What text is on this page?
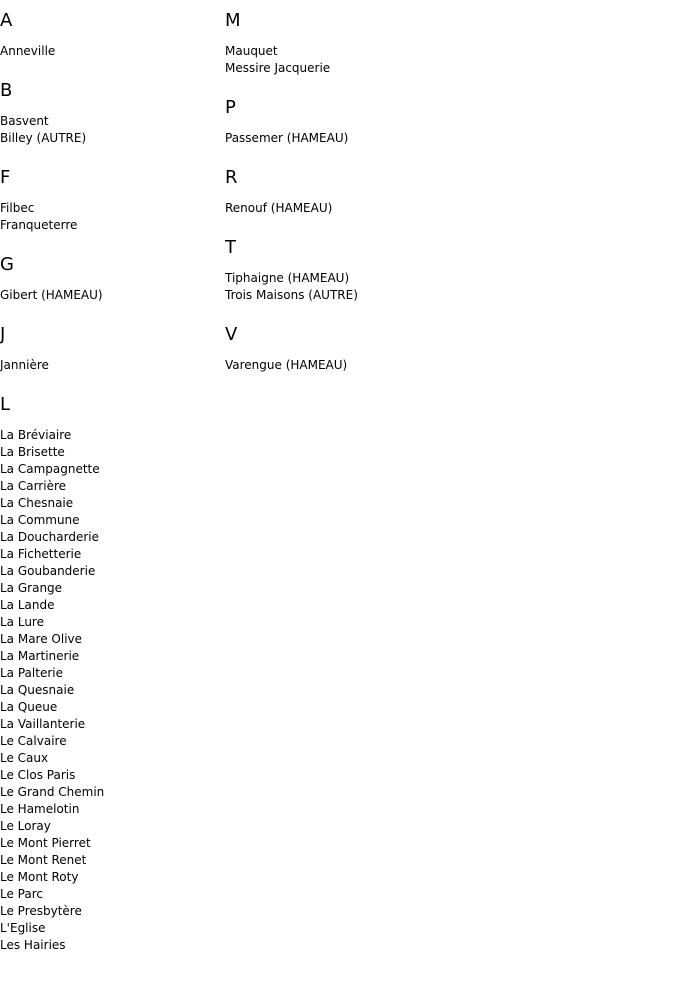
A
Anneville
B
Basvent
Billey (AUTRE)
F
Filbec
Franqueterre
G
Gibert (HAMEAU)
J
Jannière
L
La Bréviaire
La Brisette
La Campagnette
La Carrière
La Chesnaie
La Commune
La Doucharderie
La Fichetterie
La Goubanderie
La Grange
La Lande
La Lure
La Mare Olive
La Martinerie
La Palterie
La Quesnaie
La Queue
La Vaillanterie
Le Calvaire
Le Caux
Le Clos Paris
Le Grand Chemin
Le Hamelotin
Le Loray
Le Mont Pierret
Le Mont Renet
Le Mont Roty
Le Parc
Le Presbytère
L'Eglise
Les Hairies
M
Mauquet
Messire Jacquerie
P
Passemer (HAMEAU)
R
Renouf (HAMEAU)
T
Tiphaigne (HAMEAU)
Trois Maisons (AUTRE)
V
Varengue (HAMEAU)
